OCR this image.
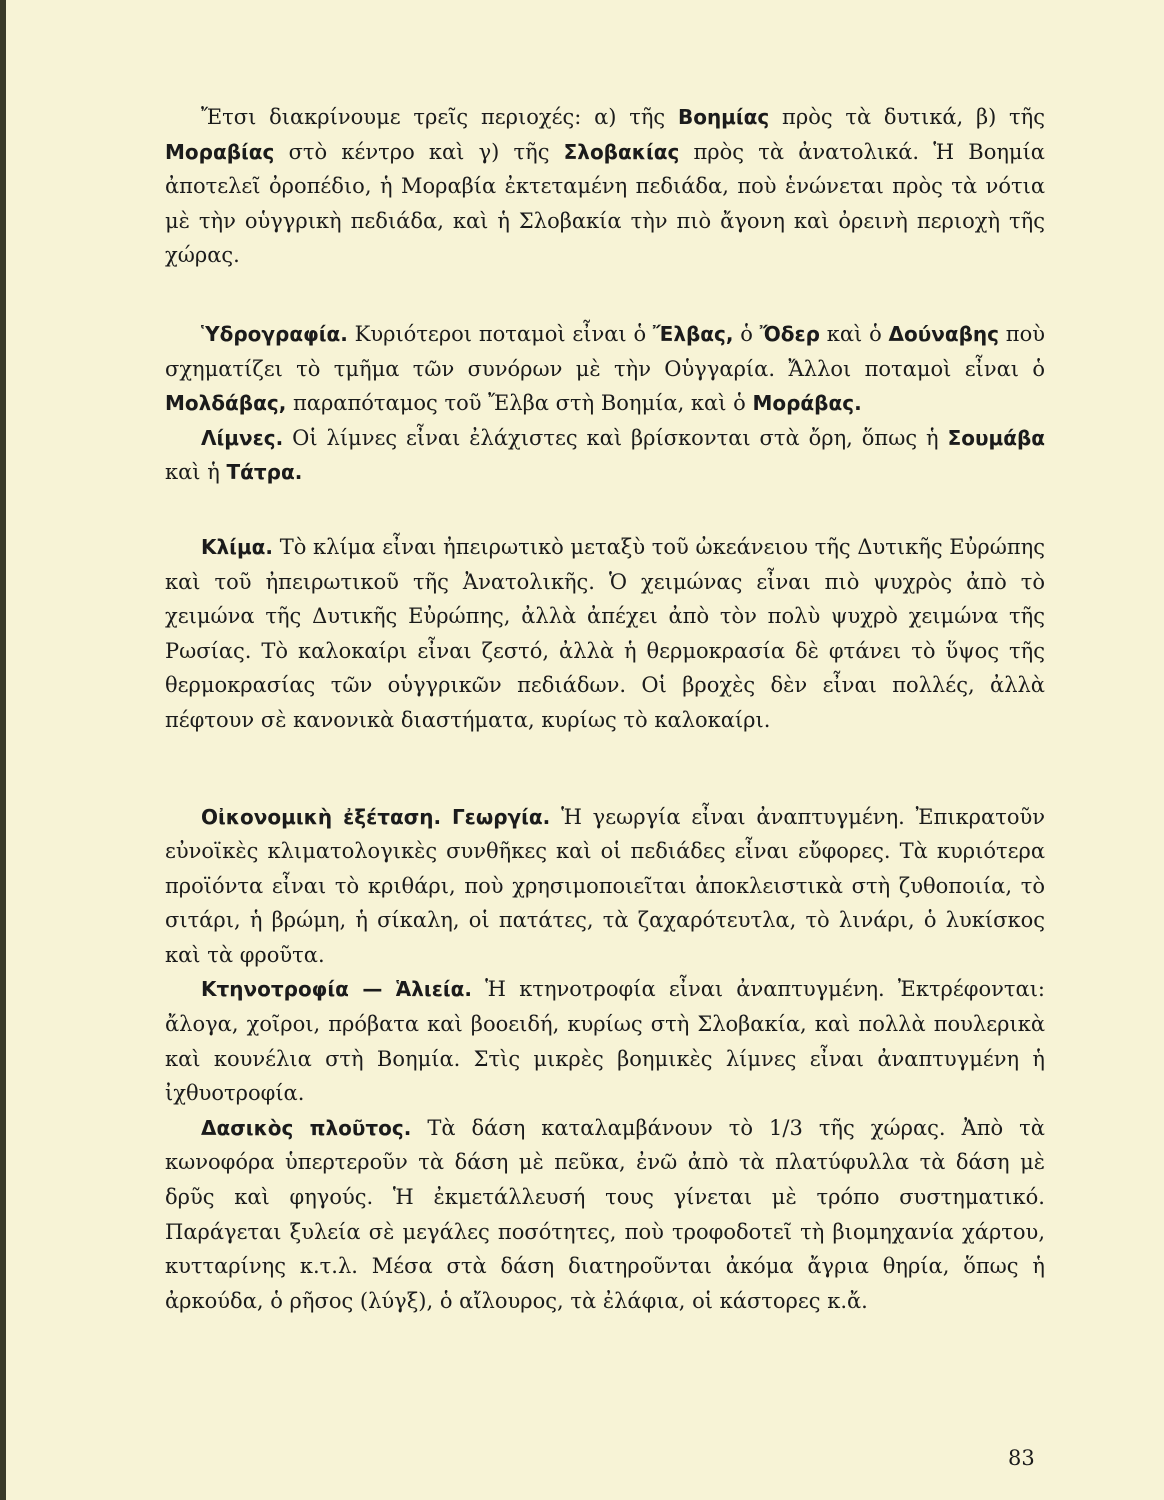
Ἔτσι διακρίνουμε τρεῖς περιοχές: α) τῆς Βοημίας πρὸς τὰ δυτικά, β) τῆς Μοραβίας στὸ κέντρο καὶ γ) τῆς Σλοβακίας πρὸς τὰ ἀνατολικά. Ἡ Βοημία ἀποτελεῖ ὀροπέδιο, ἡ Μοραβία ἐκτεταμένη πεδιάδα, ποὺ ἑνώνεται πρὸς τὰ νότια μὲ τὴν οὑγγρικὴ πεδιάδα, καὶ ἡ Σλοβακία τὴν πιὸ ἄγονη καὶ ὀρεινὴ περιοχὴ τῆς χώρας.

Ὑδρογραφία. Κυριότεροι ποταμοὶ εἶναι ὁ Ἔλβας, ὁ Ὄδερ καὶ ὁ Δούναβης ποὺ σχηματίζει τὸ τμῆμα τῶν συνόρων μὲ τὴν Οὑγγαρία. Ἄλλοι ποταμοὶ εἶναι ὁ Μολδάβας, παραπόταμος τοῦ Ἔλβα στὴ Βοημία, καὶ ὁ Μοράβας.

Λίμνες. Οἱ λίμνες εἶναι ἐλάχιστες καὶ βρίσκονται στὰ ὄρη, ὅπως ἡ Σουμάβα καὶ ἡ Τάτρα.

Κλίμα. Τὸ κλίμα εἶναι ἠπειρωτικὸ μεταξὺ τοῦ ὠκεάνειου τῆς Δυτικῆς Εὐρώπης καὶ τοῦ ἠπειρωτικοῦ τῆς Ἀνατολικῆς. Ὁ χειμώνας εἶναι πιὸ ψυχρὸς ἀπὸ τὸ χειμώνα τῆς Δυτικῆς Εὐρώπης, ἀλλὰ ἀπέχει ἀπὸ τὸν πολὺ ψυχρὸ χειμώνα τῆς Ρωσίας. Τὸ καλοκαίρι εἶναι ζεστό, ἀλλὰ ἡ θερμοκρασία δὲ φτάνει τὸ ὕψος τῆς θερμοκρασίας τῶν οὑγγρικῶν πεδιάδων. Οἱ βροχὲς δὲν εἶναι πολλές, ἀλλὰ πέφτουν σὲ κανονικὰ διαστήματα, κυρίως τὸ καλοκαίρι.

Οἰκονομικὴ ἐξέταση. Γεωργία. Ἡ γεωργία εἶναι ἀναπτυγμένη. Ἐπικρατοῦν εὐνοϊκὲς κλιματολογικὲς συνθῆκες καὶ οἱ πεδιάδες εἶναι εὔφορες. Τὰ κυριότερα προϊόντα εἶναι τὸ κριθάρι, ποὺ χρησιμοποιεῖται ἀποκλειστικὰ στὴ ζυθοποιία, τὸ σιτάρι, ἡ βρώμη, ἡ σίκαλη, οἱ πατάτες, τὰ ζαχαρότευτλα, τὸ λινάρι, ὁ λυκίσκος καὶ τὰ φροῦτα.

Κτηνοτροφία — Ἁλιεία. Ἡ κτηνοτροφία εἶναι ἀναπτυγμένη. Ἐκτρέφονται: ἄλογα, χοῖροι, πρόβατα καὶ βοοειδή, κυρίως στὴ Σλοβακία, καὶ πολλὰ πουλερικὰ καὶ κουνέλια στὴ Βοημία. Στὶς μικρὲς βοημικὲς λίμνες εἶναι ἀναπτυγμένη ἡ ἰχθυοτροφία.

Δασικὸς πλοῦτος. Τὰ δάση καταλαμβάνουν τὸ 1/3 τῆς χώρας. Ἀπὸ τὰ κωνοφόρα ὑπερτεροῦν τὰ δάση μὲ πεῦκα, ἐνῶ ἀπὸ τὰ πλατύφυλλα τὰ δάση μὲ δρῦς καὶ φηγούς. Ἡ ἐκμετάλλευσή τους γίνεται μὲ τρόπο συστηματικό. Παράγεται ξυλεία σὲ μεγάλες ποσότητες, ποὺ τροφοδοτεῖ τὴ βιομηχανία χάρτου, κυτταρίνης κ.τ.λ. Μέσα στὰ δάση διατηροῦνται ἀκόμα ἄγρια θηρία, ὅπως ἡ ἀρκούδα, ὁ ρῆσος (λύγξ), ὁ αἴλουρος, τὰ ἐλάφια, οἱ κάστορες κ.ἄ.

83
